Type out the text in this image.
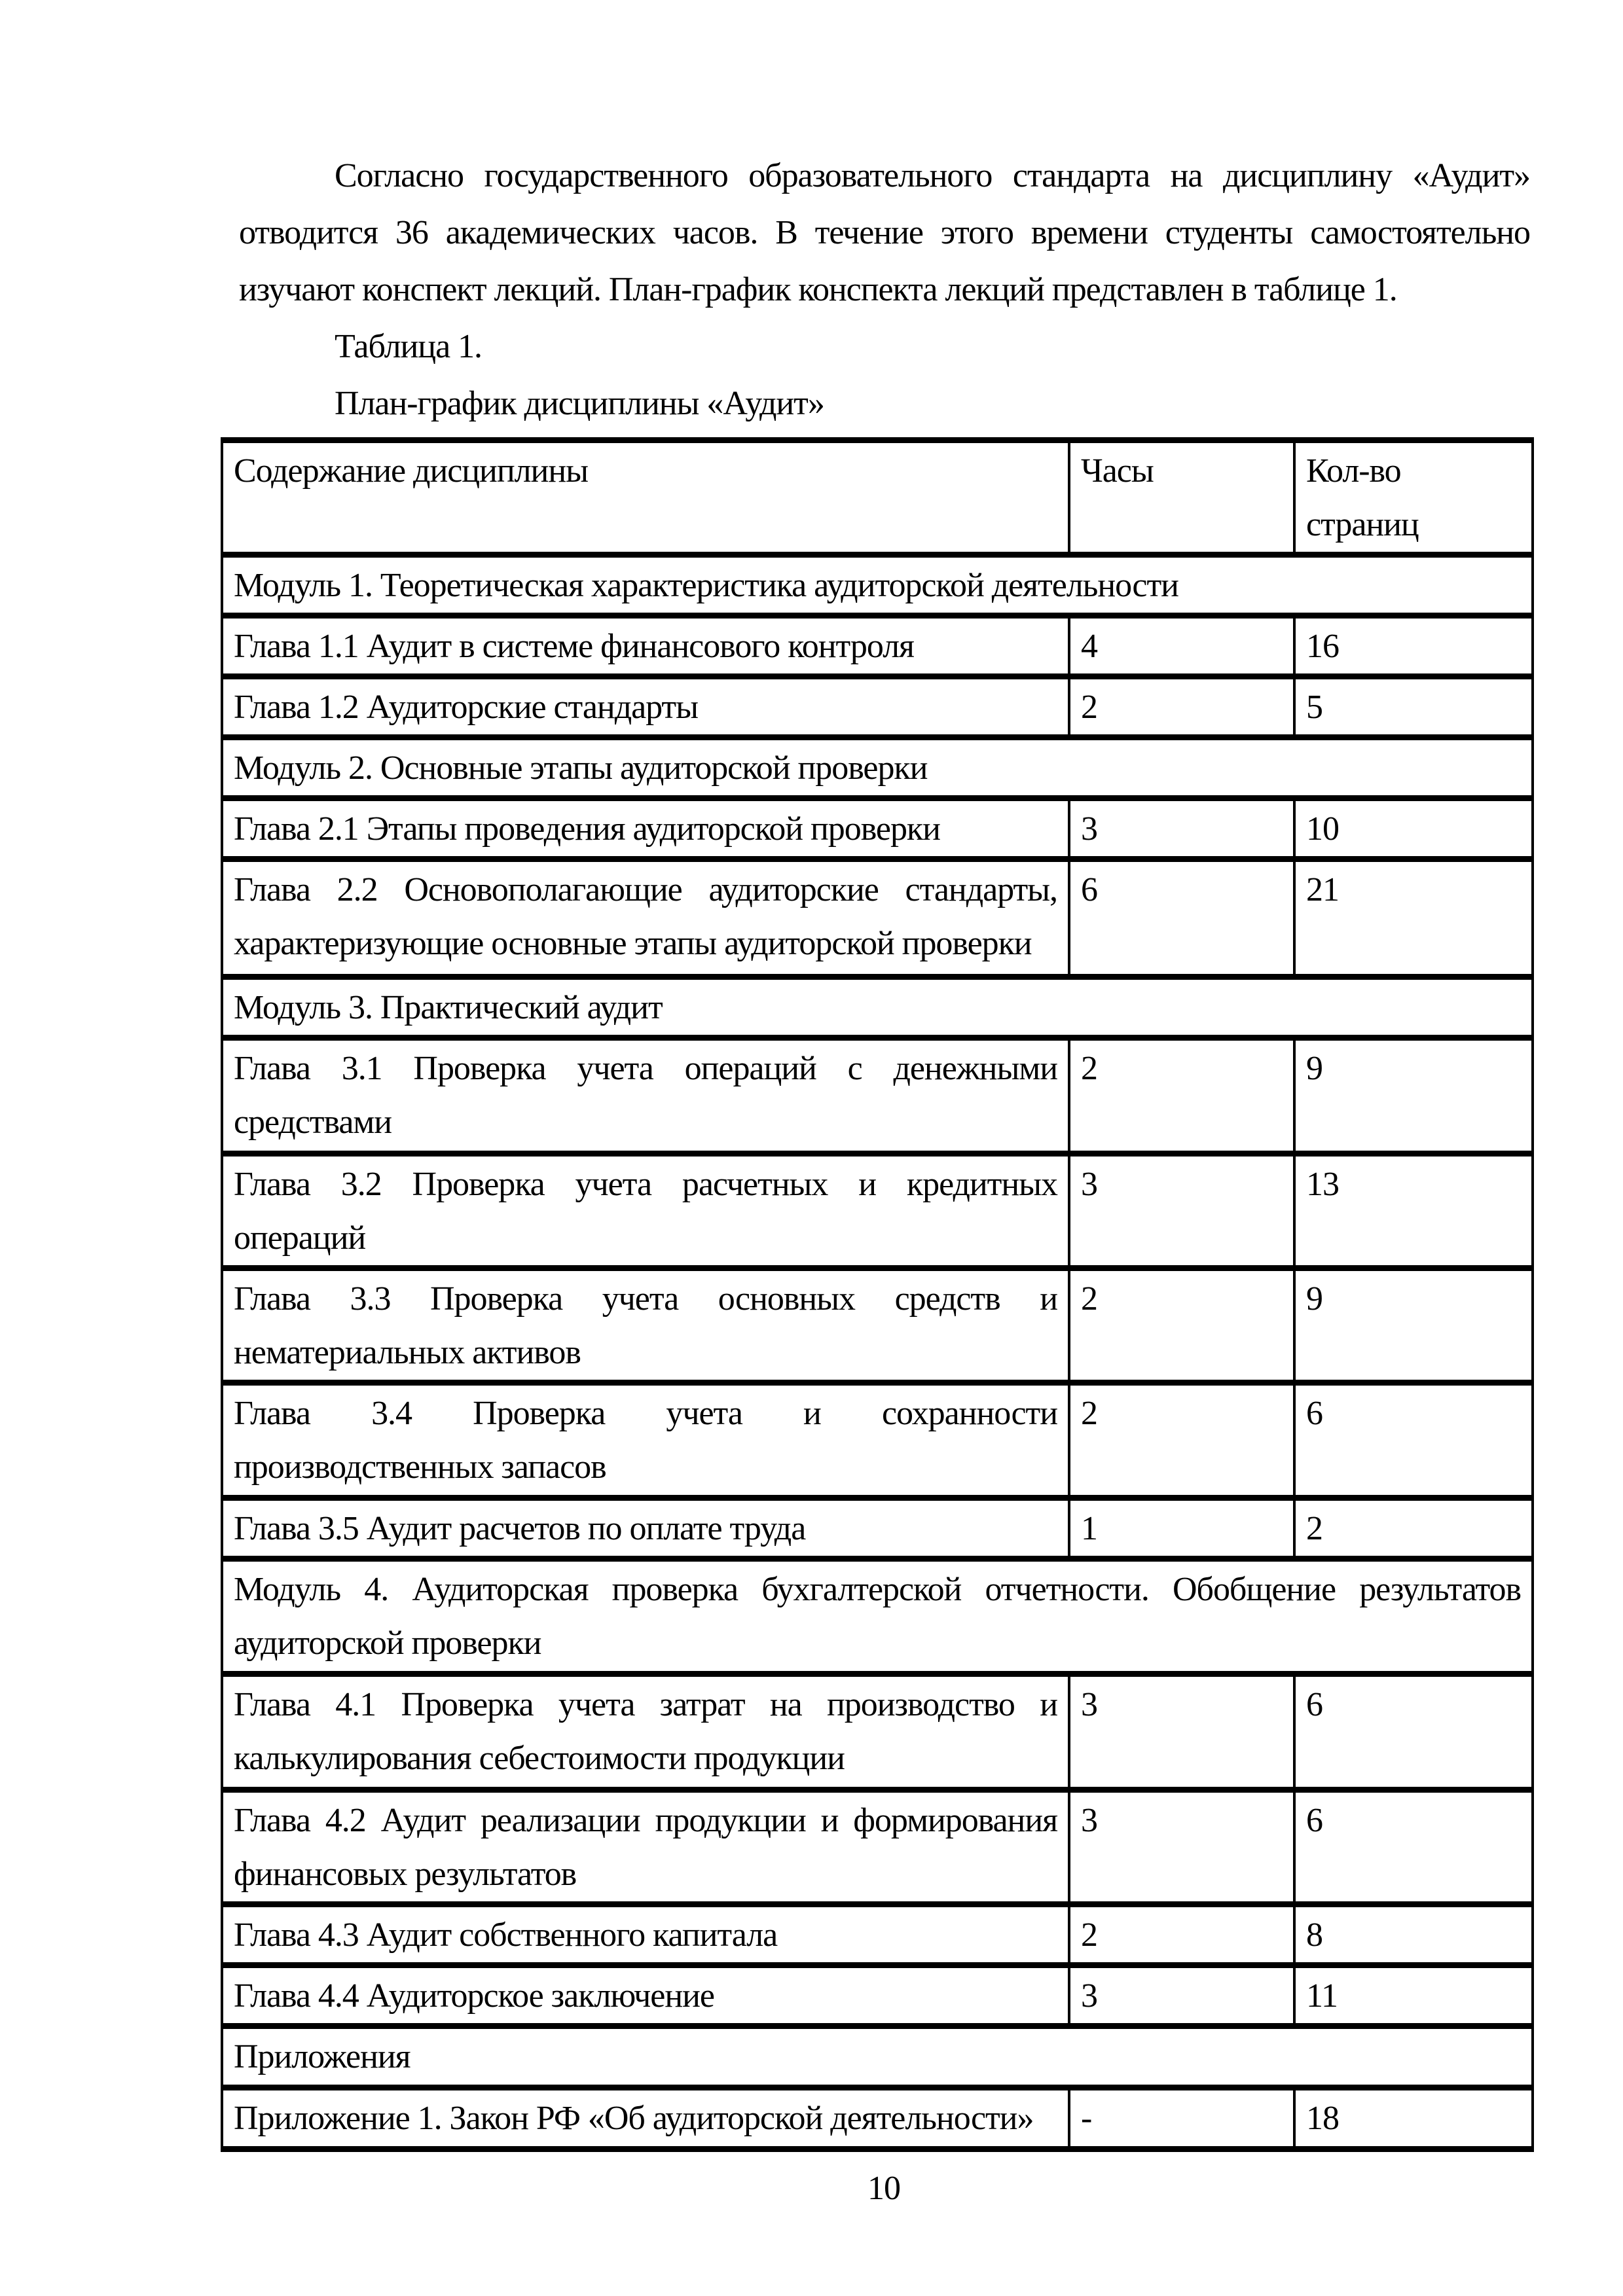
Согласно государственного образовательного стандарта на дисциплину «Аудит» отводится 36 академических часов. В течение этого времени студенты самостоятельно изучают конспект лекций. План-график конспекта лекций представлен в таблице 1.
Таблица 1.
План-график дисциплины «Аудит»
Содержание дисциплины	Часы	Кол-во страниц
Модуль 1. Теоретическая характеристика аудиторской деятельности		
Глава 1.1 Аудит в системе финансового контроля	4	16
Глава 1.2 Аудиторские стандарты	2	5
Модуль 2. Основные этапы аудиторской проверки		
Глава 2.1 Этапы проведения аудиторской проверки	3	10
Глава 2.2 Основополагающие аудиторские стандарты, характеризующие основные этапы аудиторской проверки	6	21
Модуль 3. Практический аудит		
Глава 3.1 Проверка учета операций с денежными средствами	2	9
Глава 3.2 Проверка учета расчетных и кредитных операций	3	13
Глава 3.3 Проверка учета основных средств и нематериальных активов	2	9
Глава 3.4 Проверка учета и сохранности производственных запасов	2	6
Глава 3.5 Аудит расчетов по оплате труда	1	2
Модуль 4. Аудиторская проверка бухгалтерской отчетности. Обобщение результатов аудиторской проверки		
Глава 4.1 Проверка учета затрат на производство и калькулирования себестоимости продукции	3	6
Глава 4.2 Аудит реализации продукции и формирования финансовых результатов	3	6
Глава 4.3 Аудит собственного капитала	2	8
Глава 4.4 Аудиторское заключение	3	11
Приложения		
Приложение 1. Закон РФ «Об аудиторской деятельности»	-	18
10
